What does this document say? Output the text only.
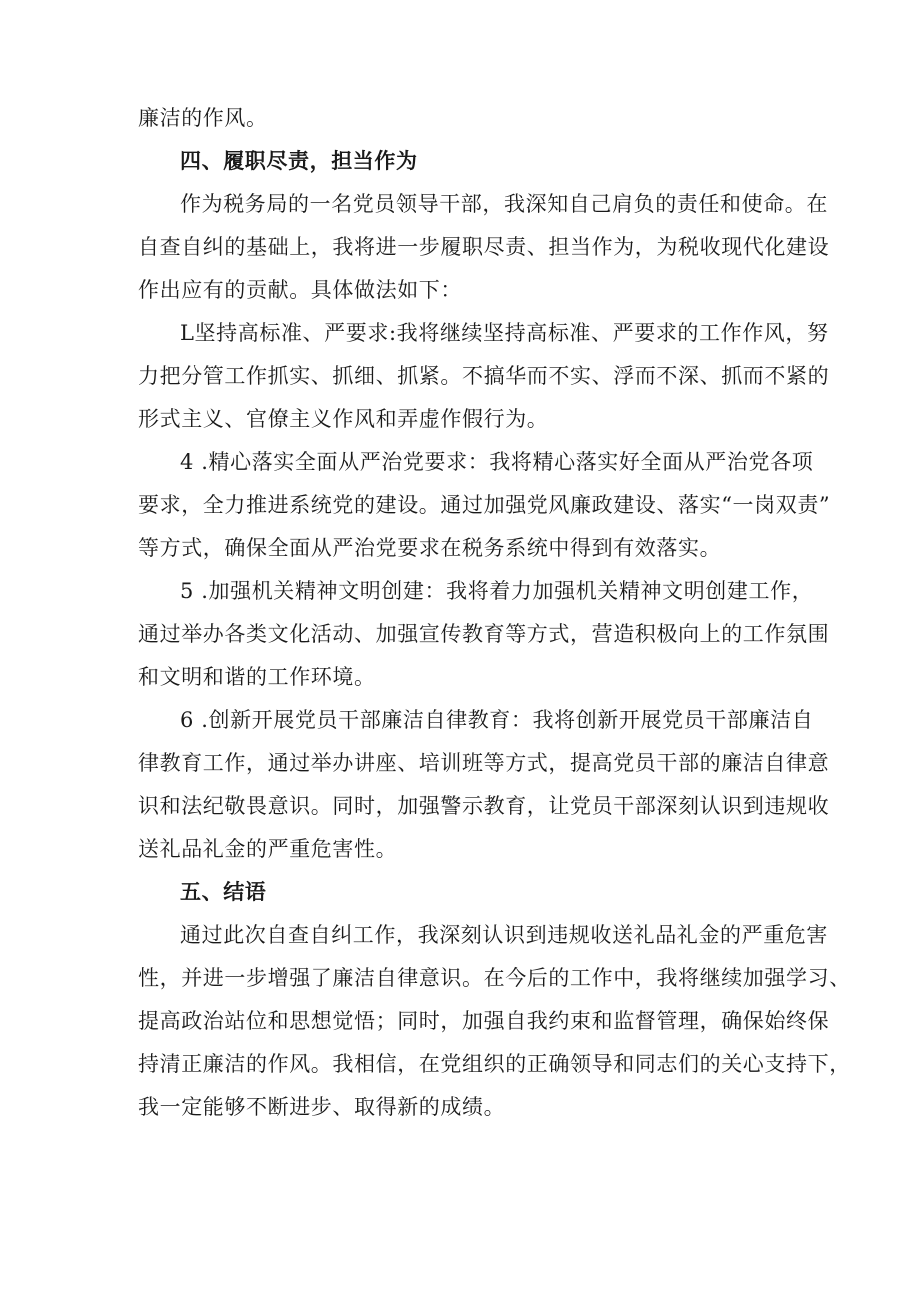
廉洁的作风。
四、履职尽责，担当作为
作为税务局的一名党员领导干部，我深知自己肩负的责任和使命。在
自查自纠的基础上，我将进一步履职尽责、担当作为，为税收现代化建设
作出应有的贡献。具体做法如下：
L坚持高标准、严要求:我将继续坚持高标准、严要求的工作作风，努
力把分管工作抓实、抓细、抓紧。不搞华而不实、浮而不深、抓而不紧的
形式主义、官僚主义作风和弄虚作假行为。
4 .精心落实全面从严治党要求：我将精心落实好全面从严治党各项
要求，全力推进系统党的建设。通过加强党风廉政建设、落实“一岗双责”
等方式，确保全面从严治党要求在税务系统中得到有效落实。
5 .加强机关精神文明创建：我将着力加强机关精神文明创建工作，
通过举办各类文化活动、加强宣传教育等方式，营造积极向上的工作氛围
和文明和谐的工作环境。
6 .创新开展党员干部廉洁自律教育：我将创新开展党员干部廉洁自
律教育工作，通过举办讲座、培训班等方式，提高党员干部的廉洁自律意
识和法纪敬畏意识。同时，加强警示教育，让党员干部深刻认识到违规收
送礼品礼金的严重危害性。
五、结语
通过此次自查自纠工作，我深刻认识到违规收送礼品礼金的严重危害
性，并进一步增强了廉洁自律意识。在今后的工作中，我将继续加强学习、
提高政治站位和思想觉悟；同时，加强自我约束和监督管理，确保始终保
持清正廉洁的作风。我相信，在党组织的正确领导和同志们的关心支持下，
我一定能够不断进步、取得新的成绩。
